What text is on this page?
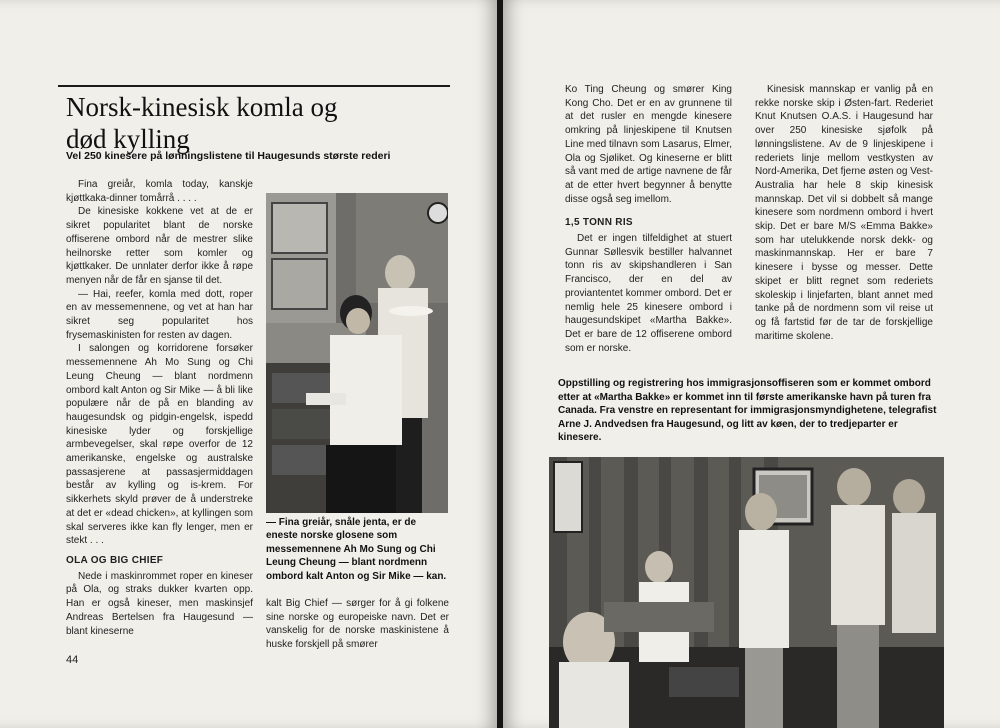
Norsk-kinesisk komla og
død kylling
Vel 250 kinesere på lønningslistene til Haugesunds største rederi

Fina greiår, komla today, kanskje kjøttkaka-dinner tomårrå . . . .

De kinesiske kokkene vet at de er sikret popularitet blant de norske offiserene ombord når de mestrer slike heilnorske retter som komler og kjøttkaker. De unnlater derfor ikke å røpe menyen når de får en sjanse til det.

— Hai, reefer, komla med dott, roper en av messemennene, og vet at han har sikret seg popularitet hos frysemaskinisten for resten av dagen.

I salongen og korridorene forsøker messemennene Ah Mo Sung og Chi Leung Cheung — blant nordmenn ombord kalt Anton og Sir Mike — å bli like populære når de på en blanding av haugesundsk og pidgin-engelsk, ispedd kinesiske lyder og forskjellige armbevegelser, skal røpe overfor de 12 amerikanske, engelske og australske passasjerene at passasjermiddagen består av kylling og is-krem. For sikkerhets skyld prøver de å understreke at det er «dead chicken», at kyllingen som skal serveres ikke kan fly lenger, men er stekt . . .

OLA OG BIG CHIEF

Nede i maskinrommet roper en kineser på Ola, og straks dukker kvarten opp. Han er også kineser, men maskinsjef Andreas Bertelsen fra Haugesund — blant kineserne

— Fina greiår, snåle jenta, er de eneste norske glosene som messemennene Ah Mo Sung og Chi Leung Cheung — blant nordmenn ombord kalt Anton og Sir Mike — kan.

kalt Big Chief — sørger for å gi folkene sine norske og europeiske navn. Det er vanskelig for de norske maskinistene å huske forskjell på smører

44

Ko Ting Cheung og smører King Kong Cho. Det er en av grunnene til at det rusler en mengde kinesere omkring på linjeskipene til Knutsen Line med tilnavn som Lasarus, Elmer, Ola og Sjøliket. Og kineserne er blitt så vant med de artige navnene de får at de etter hvert begynner å benytte disse også seg imellom.

1,5 TONN RIS

Det er ingen tilfeldighet at stuert Gunnar Søllesvik bestiller halvannet tonn ris av skipshandleren i San Francisco, der en del av proviantentet kommer ombord. Det er nemlig hele 25 kinesere ombord i haugesundskipet «Martha Bakke». Det er bare de 12 offiserene ombord som er norske.

Kinesisk mannskap er vanlig på en rekke norske skip i Østen-fart. Rederiet Knut Knutsen O.A.S. i Haugesund har over 250 kinesiske sjøfolk på lønningslistene. Av de 9 linjeskipene i rederiets linje mellom vestkysten av Nord-Amerika, Det fjerne østen og Vest-Australia har hele 8 skip kinesisk mannskap. Det vil si dobbelt så mange kinesere som nordmenn ombord i hvert skip. Det er bare M/S «Emma Bakke» som har utelukkende norsk dekk- og maskinmannskap. Her er bare 7 kinesere i bysse og messer. Dette skipet er blitt regnet som rederiets skoleskip i linjefarten, blant annet med tanke på de nordmenn som vil reise ut og få fartstid før de tar de forskjellige maritime skolene.

Oppstilling og registrering hos immigrasjonsoffiseren som er kommet ombord etter at «Martha Bakke» er kommet inn til første amerikanske havn på turen fra Canada. Fra venstre en representant for immigrasjonsmyndighetene, telegrafist Arne J. Andvedsen fra Haugesund, og litt av køen, der to tredjeparter er kinesere.
